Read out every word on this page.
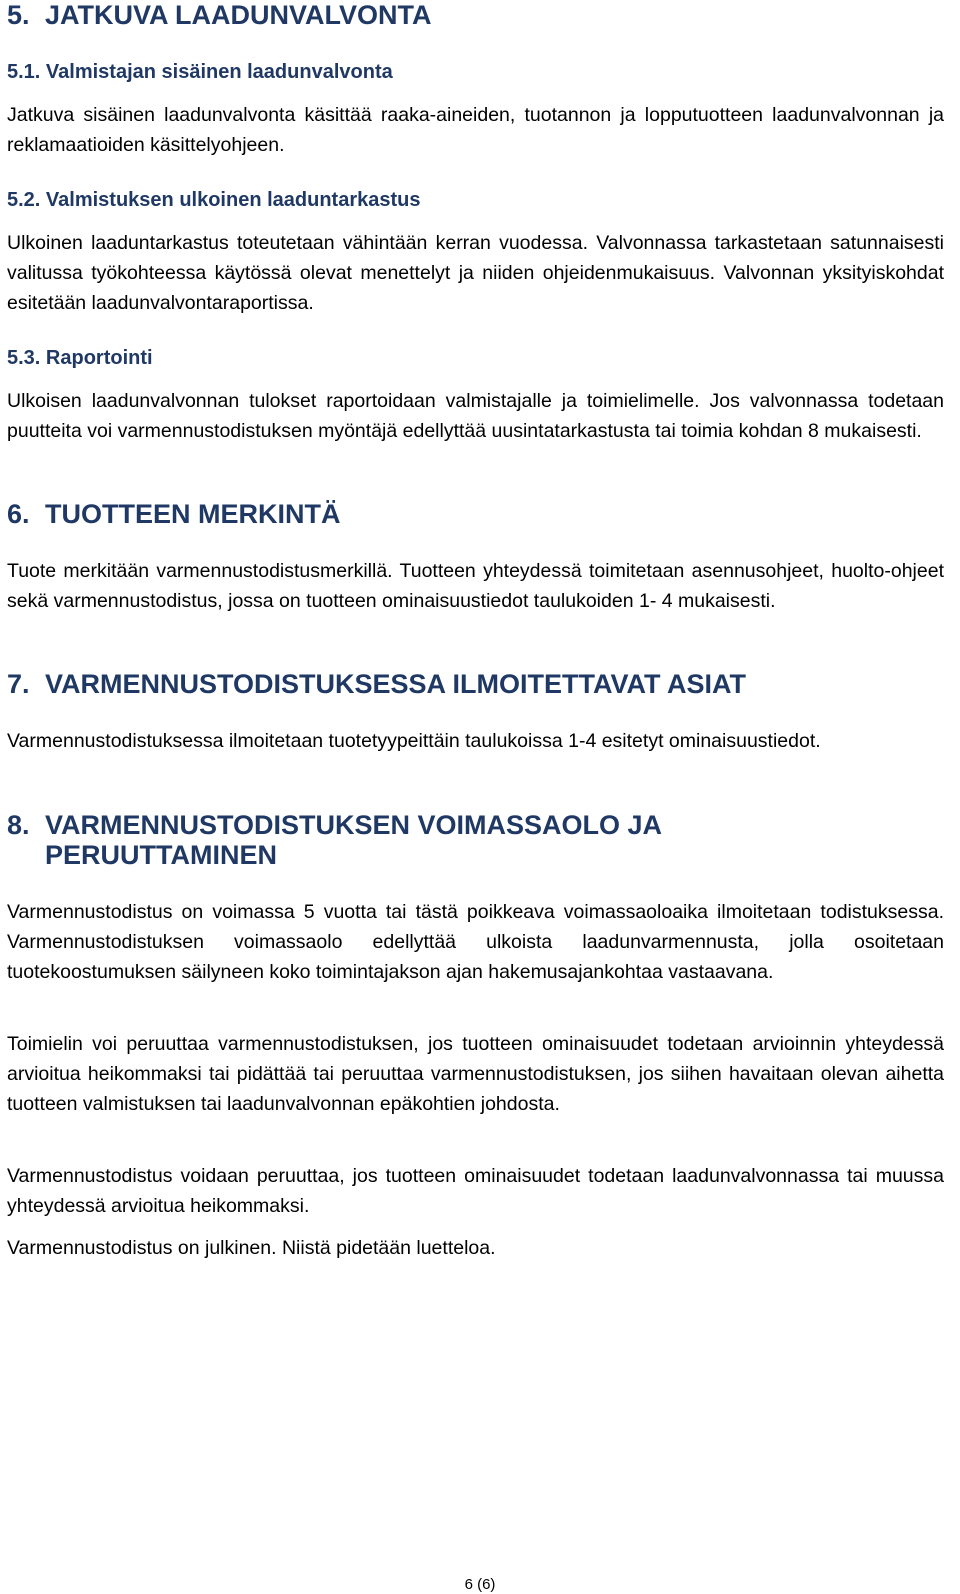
5. JATKUVA LAADUNVALVONTA
5.1. Valmistajan sisäinen laadunvalvonta

Jatkuva sisäinen laadunvalvonta käsittää raaka-aineiden, tuotannon ja lopputuotteen laadunvalvonnan ja reklamaatioiden käsittelyohjeen.

5.2. Valmistuksen ulkoinen laaduntarkastus

Ulkoinen laaduntarkastus toteutetaan vähintään kerran vuodessa. Valvonnassa tarkastetaan satunnaisesti valitussa työkohteessa käytössä olevat menettelyt ja niiden ohjeidenmukaisuus. Valvonnan yksityiskohdat esitetään laadunvalvontaraportissa.

5.3. Raportointi

Ulkoisen laadunvalvonnan tulokset raportoidaan valmistajalle ja toimielimelle. Jos valvonnassa todetaan puutteita voi varmennustodistuksen myöntäjä edellyttää uusintatarkastusta tai toimia kohdan 8 mukaisesti.

6. TUOTTEEN MERKINTÄ

Tuote merkitään varmennustodistusmerkillä. Tuotteen yhteydessä toimitetaan asennusohjeet, huolto-ohjeet sekä varmennustodistus, jossa on tuotteen ominaisuustiedot taulukoiden 1- 4 mukaisesti.

7. VARMENNUSTODISTUKSESSA ILMOITETTAVAT ASIAT

Varmennustodistuksessa ilmoitetaan tuotetyypeittäin taulukoissa 1-4 esitetyt ominaisuustiedot.

8. VARMENNUSTODISTUKSEN VOIMASSAOLO JA
PERUUTTAMINEN

Varmennustodistus on voimassa 5 vuotta tai tästä poikkeava voimassaoloaika ilmoitetaan todistuksessa. Varmennustodistuksen voimassaolo edellyttää ulkoista laadunvarmennusta, jolla osoitetaan tuotekoostumuksen säilyneen koko toimintajakson ajan hakemusajankohtaa vastaavana.

Toimielin voi peruuttaa varmennustodistuksen, jos tuotteen ominaisuudet todetaan arvioinnin yhteydessä arvioitua heikommaksi tai pidättää tai peruuttaa varmennustodistuksen, jos siihen havaitaan olevan aihetta tuotteen valmistuksen tai laadunvalvonnan epäkohtien johdosta.

Varmennustodistus voidaan peruuttaa, jos tuotteen ominaisuudet todetaan laadunvalvonnassa tai muussa yhteydessä arvioitua heikommaksi.

Varmennustodistus on julkinen. Niistä pidetään luetteloa.

6 (6)
